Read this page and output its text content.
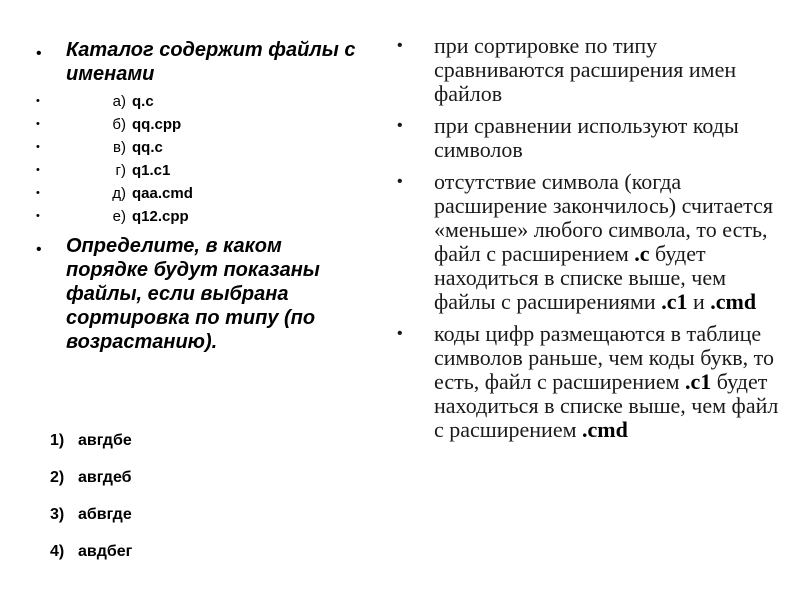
• Каталог содержит файлы с именами
• а) q.c
• б) qq.cpp
• в) qq.c
• г) q1.c1
• д) qaa.cmd
• е) q12.cpp
• Определите, в каком порядке будут показаны файлы, если выбрана сортировка по типу (по возрастанию).
1) авгдбе
2) авгдеб
3) абвгде
4) авдбег
• при сортировке по типу сравниваются расширения имен файлов
• при сравнении используют коды символов
• отсутствие символа (когда расширение закончилось) считается «меньше» любого символа, то есть, файл с расширением .c будет находиться в списке выше, чем файлы с расширениями .c1 и .cmd
• коды цифр размещаются в таблице символов раньше, чем коды букв, то есть, файл с расширением .c1 будет находиться в списке выше, чем файл с расширением .cmd
